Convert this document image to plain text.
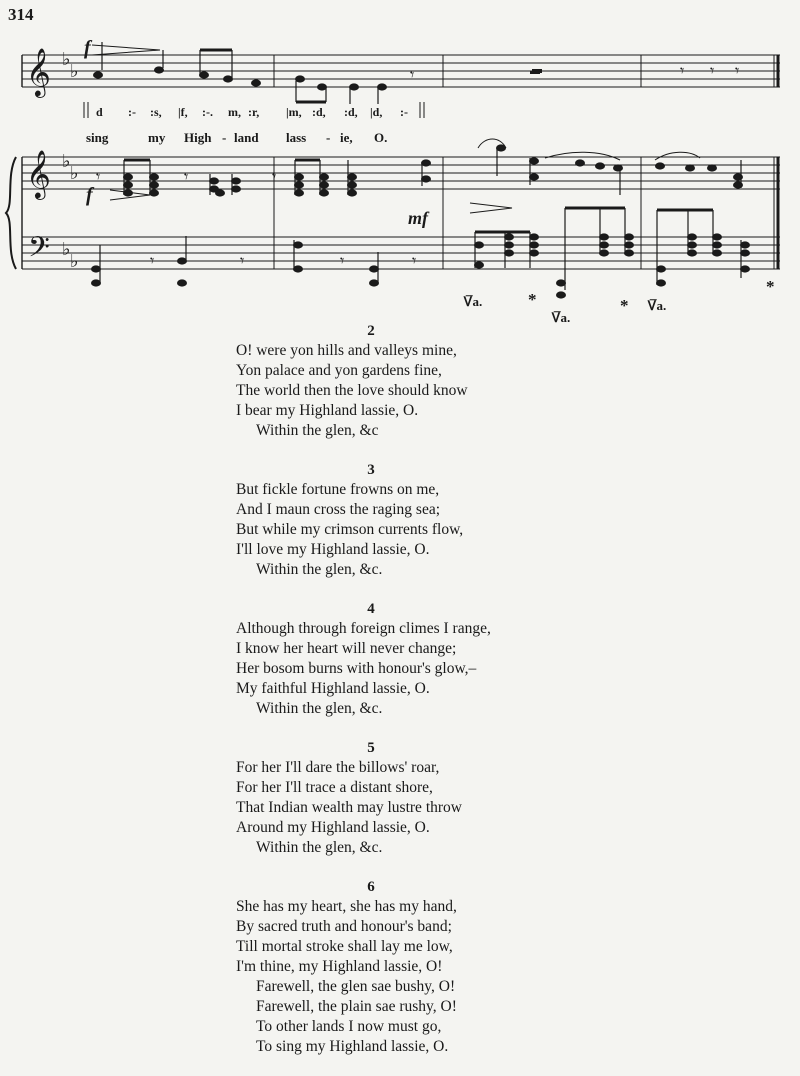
314
𝄞
𝄞
𝄢
♭
♭
♭
♭
♭
♭
▬	𝄾 𝄾 𝄾
𝄾
𝄾	𝄾	𝄾
𝄾	𝄾	𝄾	𝄾
f
f
mf
d :- :s, |f, :-. m, :r, |m, :d, :d, |d, :-
sing	my High - land lass - ie, O.
Ꮩ̅a.	*
Ꮩ̅a.
* Ꮩ̅a.
*
2
O! were yon hills and valleys mine,
Yon palace and yon gardens fine,
The world then the love should know
I bear my Highland lassie, O.
Within the glen, &c
3
But fickle fortune frowns on me,
And I maun cross the raging sea;
But while my crimson currents flow,
I'll love my Highland lassie, O.
Within the glen, &c.
4
Although through foreign climes I range,
I know her heart will never change;
Her bosom burns with honour's glow,–
My faithful Highland lassie, O.
Within the glen, &c.
5
For her I'll dare the billows' roar,
For her I'll trace a distant shore,
That Indian wealth may lustre throw
Around my Highland lassie, O.
Within the glen, &c.
6
She has my heart, she has my hand,
By sacred truth and honour's band;
Till mortal stroke shall lay me low,
I'm thine, my Highland lassie, O!
Farewell, the glen sae bushy, O!
Farewell, the plain sae rushy, O!
To other lands I now must go,
To sing my Highland lassie, O.
